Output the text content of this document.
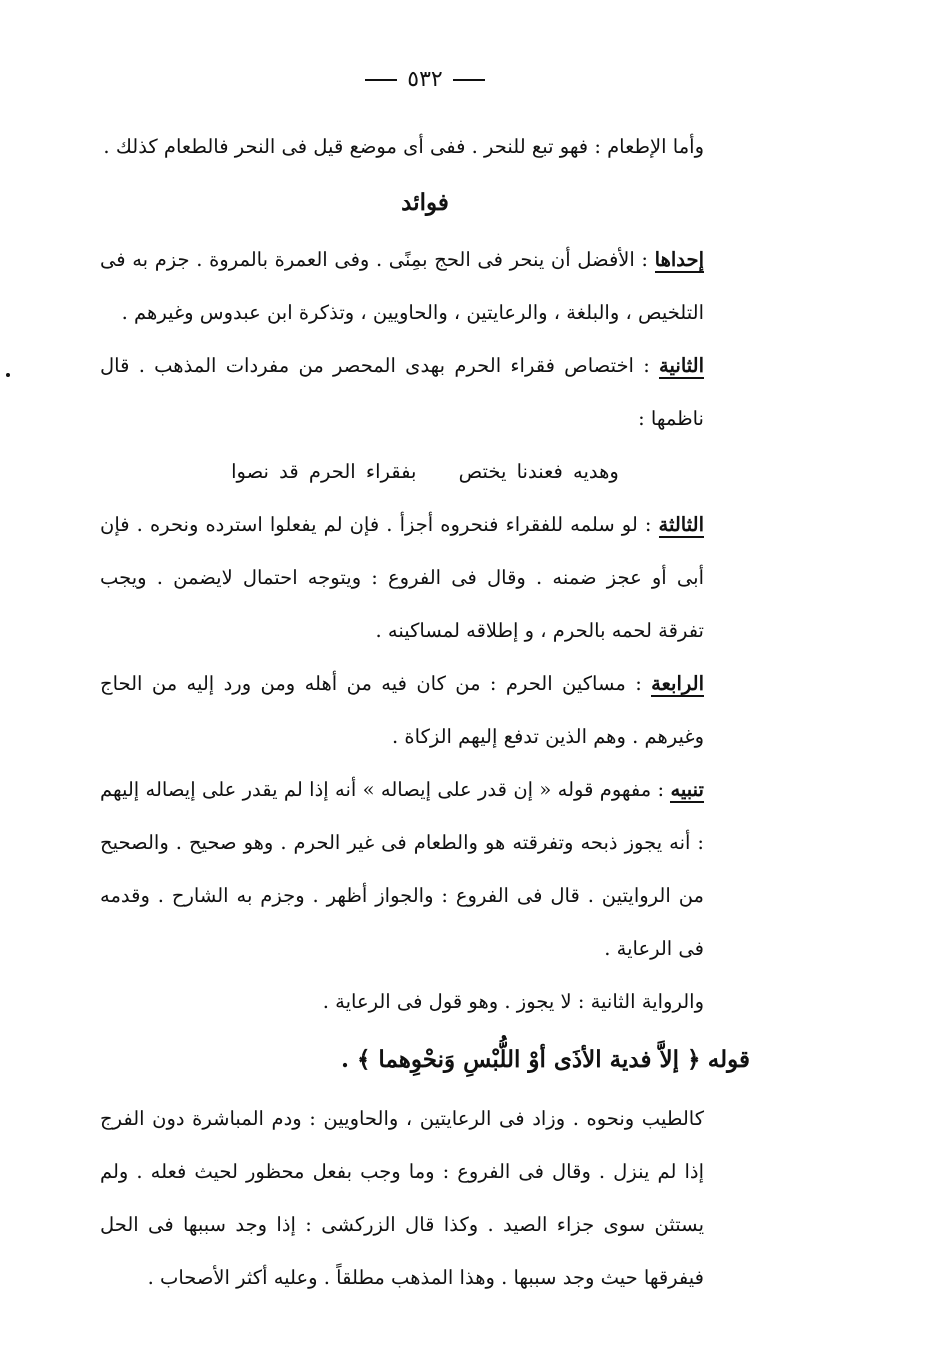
٥٣٢

وأما الإطعام : فهو تبع للنحر . ففى أى موضع قيل فى النحر فالطعام كذلك .

فوائد

إحداها : الأفضل أن ينحر فى الحج بمِنًى . وفى العمرة بالمروة . جزم به فى التلخيص ، والبلغة ، والرعايتين ، والحاويين ، وتذكرة ابن عبدوس وغيرهم .

الثانية : اختصاص فقراء الحرم بهدى المحصر من مفردات المذهب . قال ناظمها :

وهديه فعندنا يختص بفقراء الحرم قد نصوا

الثالثة : لو سلمه للفقراء فنحروه أجزأ . فإن لم يفعلوا استرده ونحره . فإن أبى أو عجز ضمنه . وقال فى الفروع : ويتوجه احتمال لايضمن . ويجب تفرقة لحمه بالحرم ، و إطلاقه لمساكينه .

الرابعة : مساكين الحرم : من كان فيه من أهله ومن ورد إليه من الحاج وغيرهم . وهم الذين تدفع إليهم الزكاة .

تنبيه : مفهوم قوله « إن قدر على إيصاله » أنه إذا لم يقدر على إيصاله إليهم : أنه يجوز ذبحه وتفرقته هو والطعام فى غير الحرم . وهو صحيح . والصحيح من الروايتين . قال فى الفروع : والجواز أظهر . وجزم به الشارح . وقدمه فى الرعاية .

والرواية الثانية : لا يجوز . وهو قول فى الرعاية .

قوله ﴿ إلاَّ فدية الأذَى أوْ اللُّبْسِ وَنحْوِهما ﴾ .

كالطيب ونحوه . وزاد فى الرعايتين ، والحاويين : ودم المباشرة دون الفرج إذا لم ينزل . وقال فى الفروع : وما وجب بفعل محظور لحيث فعله . ولم يستثن سوى جزاء الصيد . وكذا قال الزركشى : إذا وجد سببها فى الحل فيفرقها حيث وجد سببها . وهذا المذهب مطلقاً . وعليه أكثر الأصحاب .
